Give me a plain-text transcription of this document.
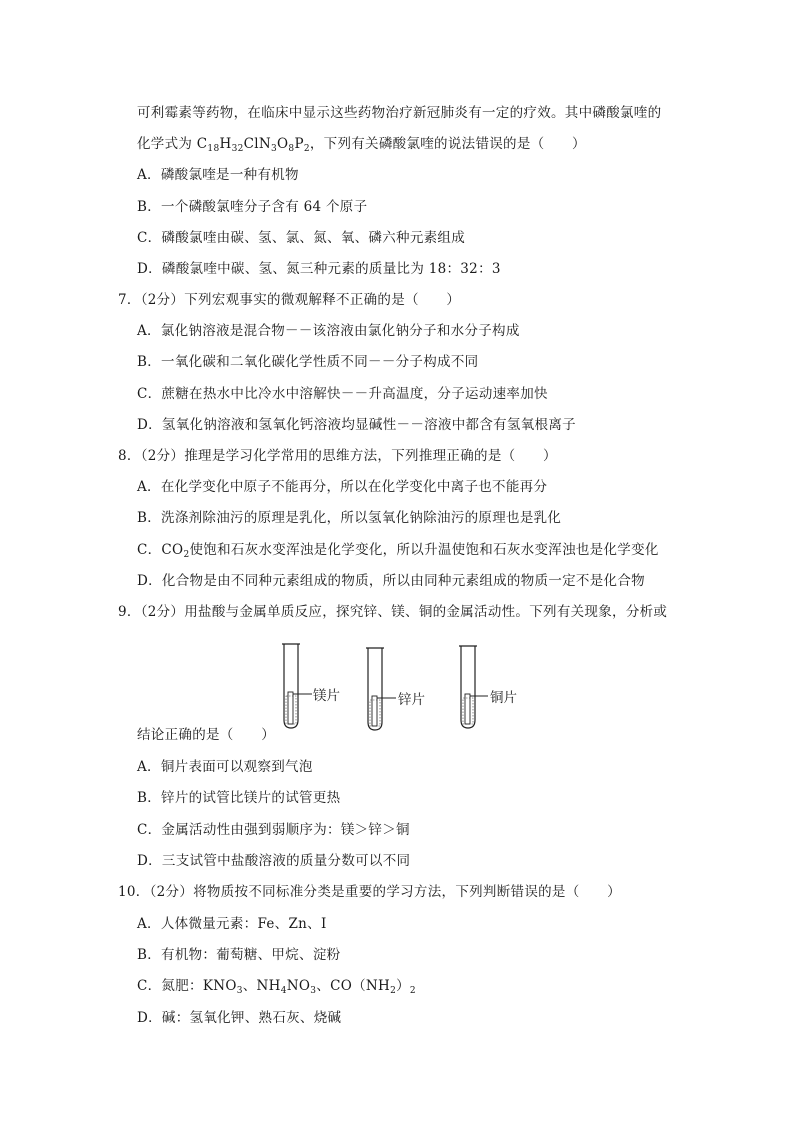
可利霉素等药物，在临床中显示这些药物治疗新冠肺炎有一定的疗效。其中磷酸氯喹的
化学式为 $C_{18}H_{32}ClN_3O_8P_2$，下列有关磷酸氯喹的说法错误的是（　　）
A．磷酸氯喹是一种有机物
B．一个磷酸氯喹分子含有 64 个原子
C．磷酸氯喹由碳、氢、氯、氮、氧、磷六种元素组成
D．磷酸氯喹中碳、氢、氮三种元素的质量比为 18：32：3
7．（2分）下列宏观事实的微观解释不正确的是（　　）
A．氯化钠溶液是混合物－－该溶液由氯化钠分子和水分子构成
B．一氧化碳和二氧化碳化学性质不同－－分子构成不同
C．蔗糖在热水中比冷水中溶解快－－升高温度，分子运动速率加快
D．氢氧化钠溶液和氢氧化钙溶液均显碱性－－溶液中都含有氢氧根离子
8．（2分）推理是学习化学常用的思维方法，下列推理正确的是（　　）
A．在化学变化中原子不能再分，所以在化学变化中离子也不能再分
B．洗涤剂除油污的原理是乳化，所以氢氧化钠除油污的原理也是乳化
C．$CO_2$使饱和石灰水变浑浊是化学变化，所以升温使饱和石灰水变浑浊也是化学变化
D．化合物是由不同种元素组成的物质，所以由同种元素组成的物质一定不是化合物
9．（2分）用盐酸与金属单质反应，探究锌、镁、铜的金属活动性。下列有关现象，分析或
镁片	锌片	铜片
结论正确的是（　　）
A．铜片表面可以观察到气泡
B．锌片的试管比镁片的试管更热
C．金属活动性由强到弱顺序为：镁＞锌＞铜
D．三支试管中盐酸溶液的质量分数可以不同
10．（2分）将物质按不同标准分类是重要的学习方法，下列判断错误的是（　　）
A．人体微量元素：Fe、Zn、I
B．有机物：葡萄糖、甲烷、淀粉
C．氮肥：$KNO_3$、$NH_4NO_3$、$CO(NH_2)_2$
D．碱：氢氧化钾、熟石灰、烧碱
